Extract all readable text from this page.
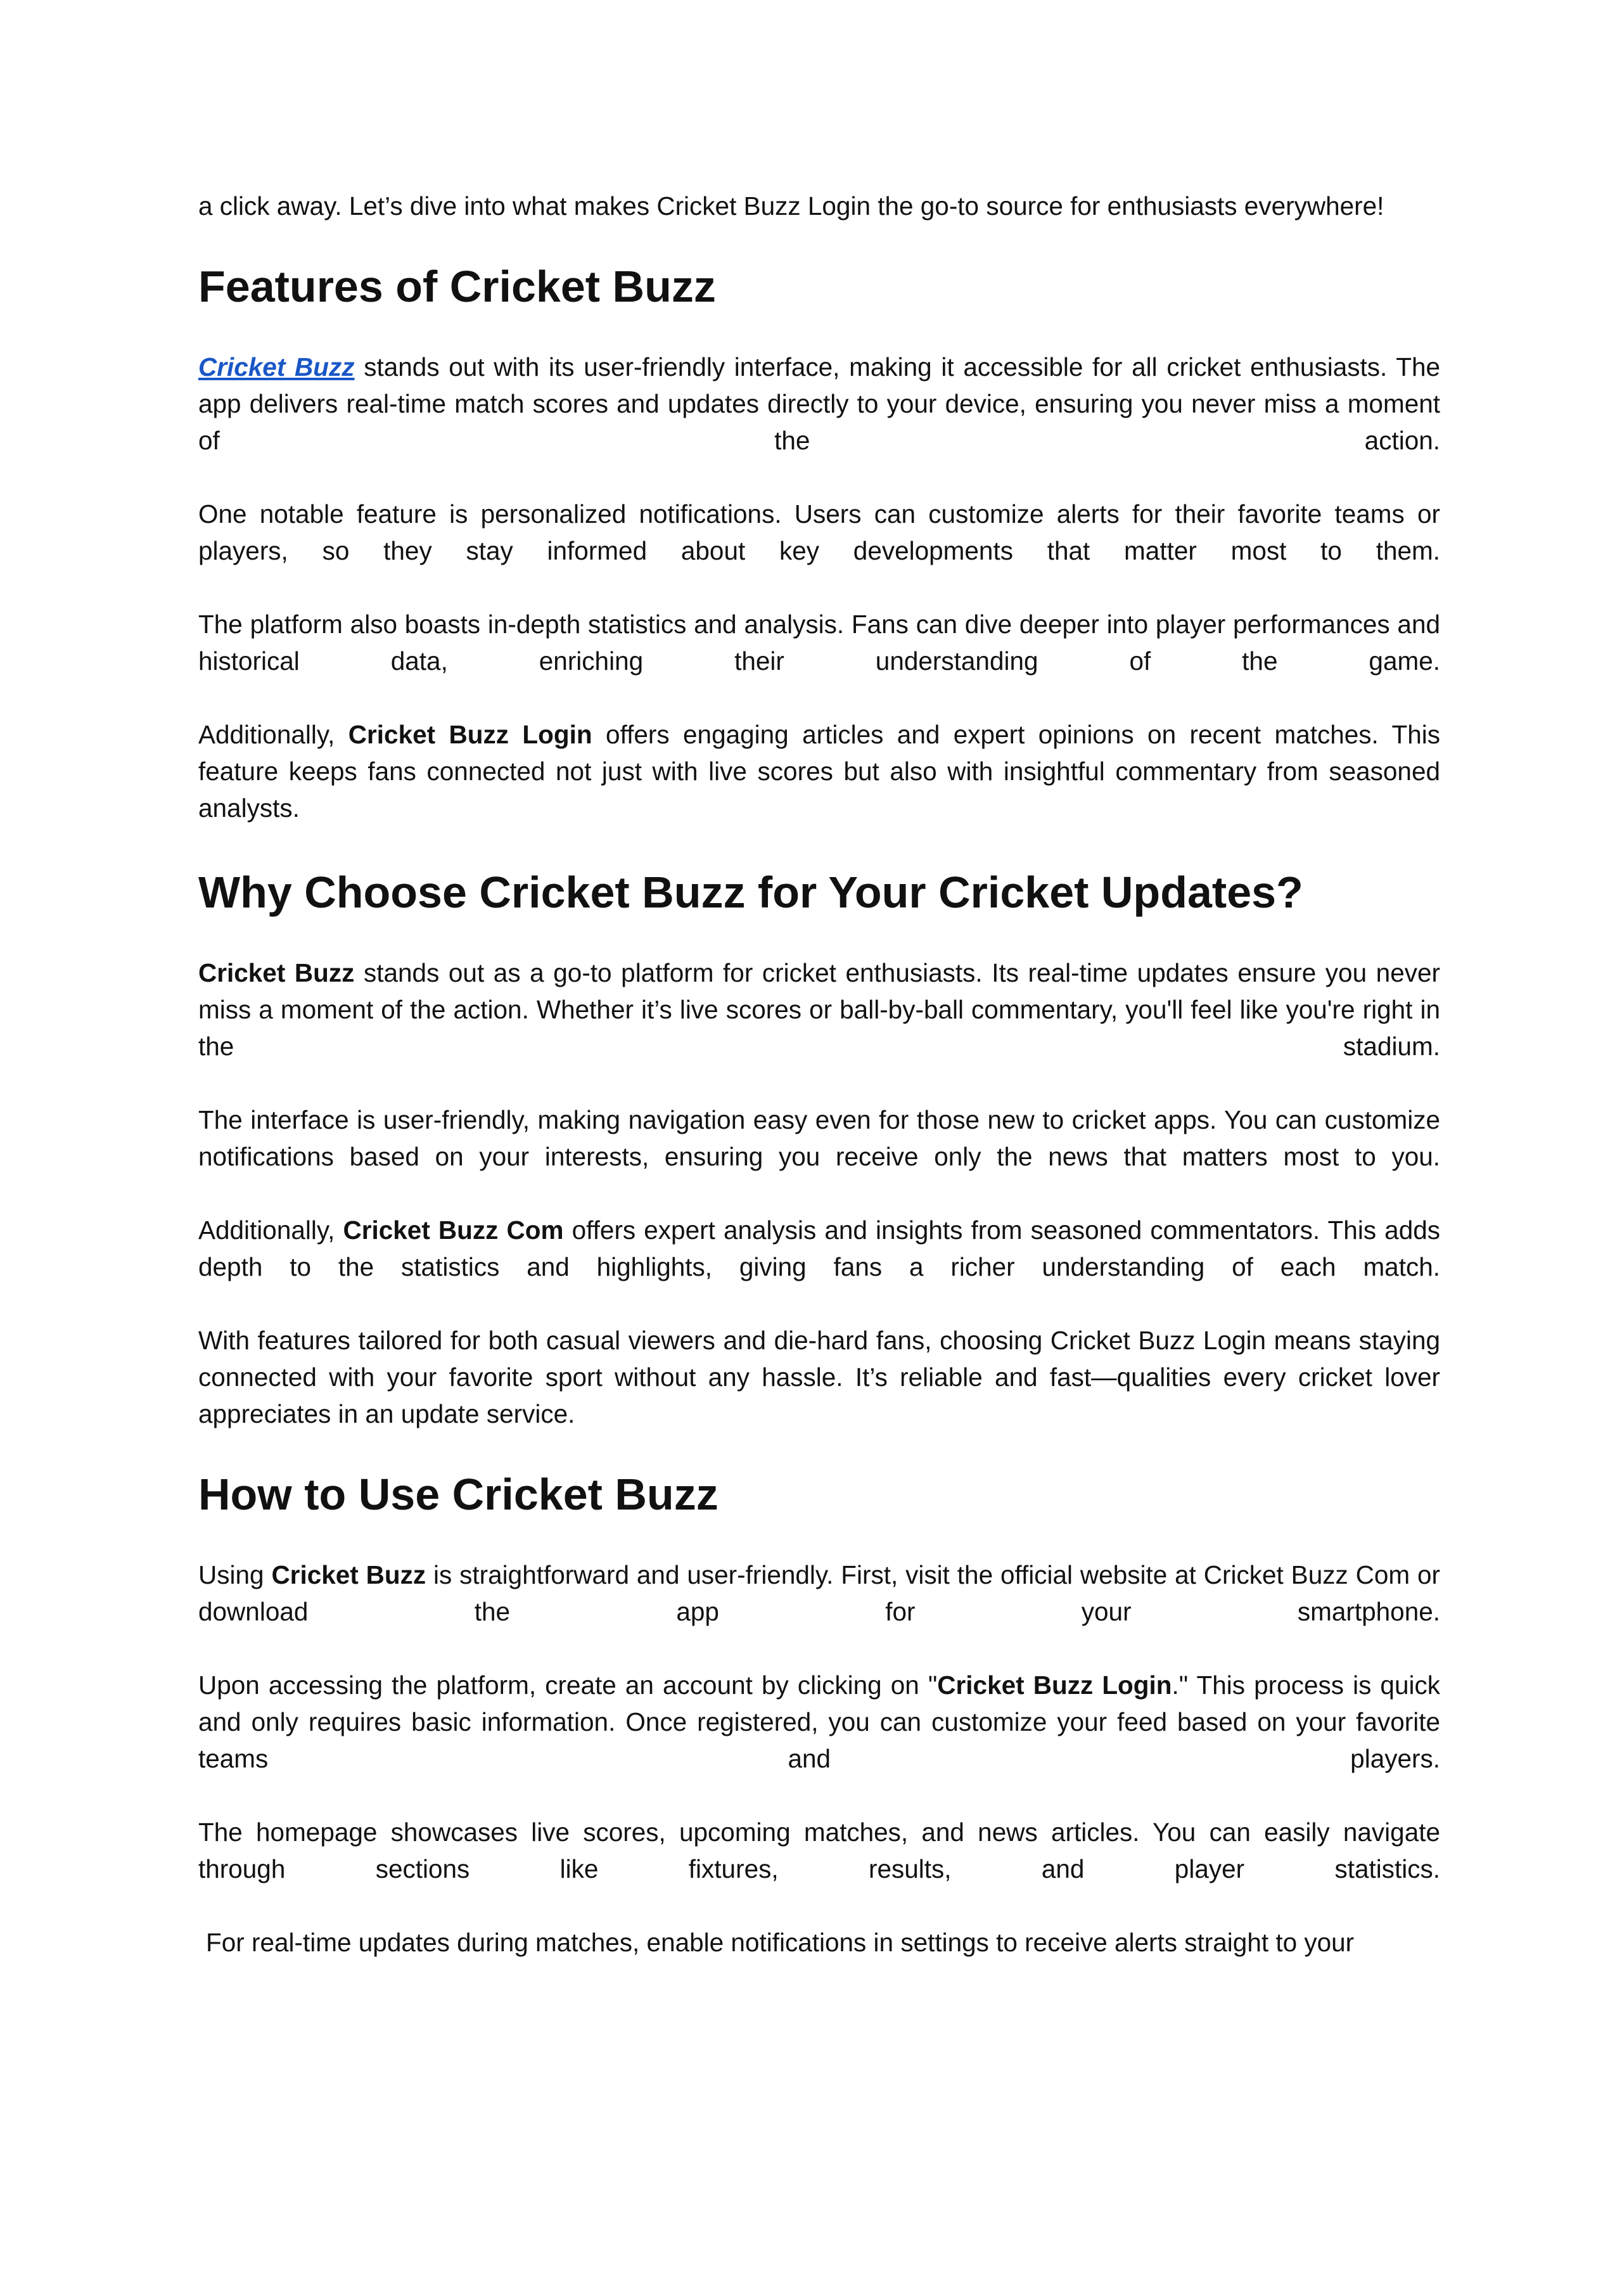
a click away. Let’s dive into what makes Cricket Buzz Login the go-to source for enthusiasts everywhere!

Features of Cricket Buzz

Cricket Buzz stands out with its user-friendly interface, making it accessible for all cricket enthusiasts. The app delivers real-time match scores and updates directly to your device, ensuring you never miss a moment of the action.

One notable feature is personalized notifications. Users can customize alerts for their favorite teams or players, so they stay informed about key developments that matter most to them.

The platform also boasts in-depth statistics and analysis. Fans can dive deeper into player performances and historical data, enriching their understanding of the game.

Additionally, Cricket Buzz Login offers engaging articles and expert opinions on recent matches. This feature keeps fans connected not just with live scores but also with insightful commentary from seasoned analysts.

Why Choose Cricket Buzz for Your Cricket Updates?

Cricket Buzz stands out as a go-to platform for cricket enthusiasts. Its real-time updates ensure you never miss a moment of the action. Whether it’s live scores or ball-by-ball commentary, you'll feel like you're right in the stadium.

The interface is user-friendly, making navigation easy even for those new to cricket apps. You can customize notifications based on your interests, ensuring you receive only the news that matters most to you.

Additionally, Cricket Buzz Com offers expert analysis and insights from seasoned commentators. This adds depth to the statistics and highlights, giving fans a richer understanding of each match.

With features tailored for both casual viewers and die-hard fans, choosing Cricket Buzz Login means staying connected with your favorite sport without any hassle. It’s reliable and fast—qualities every cricket lover appreciates in an update service.

How to Use Cricket Buzz

Using Cricket Buzz is straightforward and user-friendly. First, visit the official website at Cricket Buzz Com or download the app for your smartphone.

Upon accessing the platform, create an account by clicking on "Cricket Buzz Login." This process is quick and only requires basic information. Once registered, you can customize your feed based on your favorite teams and players.

The homepage showcases live scores, upcoming matches, and news articles. You can easily navigate through sections like fixtures, results, and player statistics.

For real-time updates during matches, enable notifications in settings to receive alerts straight to your
